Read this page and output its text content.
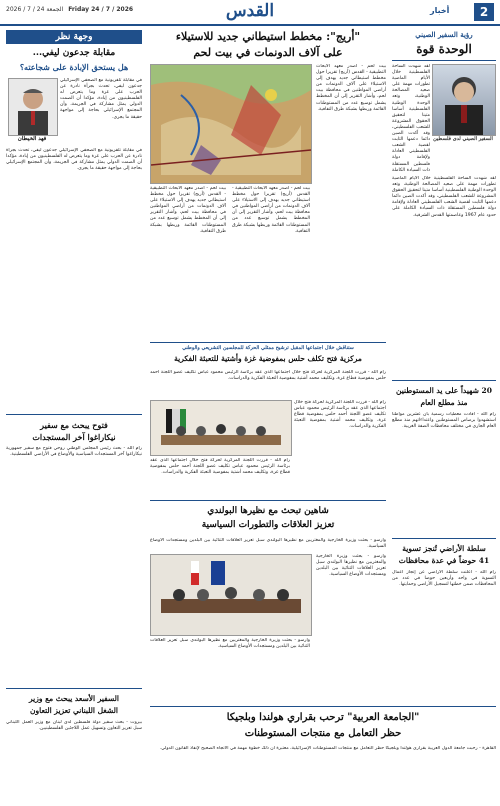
2
أخبار
القدس
الجمعة 24 / 7 / 2026 Friday 24 / 7 / 2026
رؤية السفير الصيني
الوحدة قوة
لقد شهدت الساحة الفلسطينية خلال الأيام الماضية تطورات مهمة على صعيد المصالحة الوطنية، وتعد الوحدة الوطنية الفلسطينية أساسا متينا لتحقيق الحقوق المشروعة للشعب الفلسطيني، وقد أكدت الصين دائما دعمها الثابت لقضية الشعب الفلسطيني العادلة ولإقامة دولة فلسطين المستقلة ذات السيادة الكاملة
السفير الصيني لدى فلسطين
لقد شهدت الساحة الفلسطينية خلال الأيام الماضية تطورات مهمة على صعيد المصالحة الوطنية، وتعد الوحدة الوطنية الفلسطينية أساسا متينا لتحقيق الحقوق المشروعة للشعب الفلسطيني، وقد أكدت الصين دائما دعمها الثابت لقضية الشعب الفلسطيني العادلة ولإقامة دولة فلسطين المستقلة ذات السيادة الكاملة على حدود عام 1967 وعاصمتها القدس الشرقية.
"أريج": مخطط استيطاني جديد للاستيلاء
على آلاف الدونمات في بيت لحم
بيت لحم - أصدر معهد الأبحاث التطبيقية - القدس (أريج) تقريرا حول مخطط استيطاني جديد يهدف إلى الاستيلاء على آلاف الدونمات من أراضي المواطنين في محافظة بيت لحم، وأشار التقرير إلى أن المخطط يشمل توسيع عدد من المستوطنات القائمة وربطها بشبكة طرق التفافية.
بيت لحم - أصدر معهد الأبحاث التطبيقية - القدس (أريج) تقريرا حول مخطط استيطاني جديد يهدف إلى الاستيلاء على آلاف الدونمات من أراضي المواطنين في محافظة بيت لحم، وأشار التقرير إلى أن المخطط يشمل توسيع عدد من المستوطنات القائمة وربطها بشبكة طرق التفافية.
بيت لحم - أصدر معهد الأبحاث التطبيقية - القدس (أريج) تقريرا حول مخطط استيطاني جديد يهدف إلى الاستيلاء على آلاف الدونمات من أراضي المواطنين في محافظة بيت لحم، وأشار التقرير إلى أن المخطط يشمل توسيع عدد من المستوطنات القائمة وربطها بشبكة طرق التفافية.
وجهة نظر
مقابلة جدعون ليفي...
هل يستحق الإبادة على شجاعته؟
فهد الخيطان
في مقابلة تلفزيونية مع الصحفي الإسرائيلي جدعون ليفي، تحدث بجرأة نادرة عن الحرب على غزة وما يتعرض له الفلسطينيون من إبادة، مؤكدا أن الصمت الدولي يمثل مشاركة في الجريمة، وأن المجتمع الإسرائيلي بحاجة إلى مواجهة حقيقة ما يجري.
في مقابلة تلفزيونية مع الصحفي الإسرائيلي جدعون ليفي، تحدث بجرأة نادرة عن الحرب على غزة وما يتعرض له الفلسطينيون من إبادة، مؤكدا أن الصمت الدولي يمثل مشاركة في الجريمة، وأن المجتمع الإسرائيلي بحاجة إلى مواجهة حقيقة ما يجري.
ستناقش خلال اجتماعها المقبل ترشيح ممثلي الحركة للمجلسين التشريعي والوطني
مركزية فتح تكلف حلس بمفوضية غزة وأشتية للتعبئة الفكرية
رام الله - قررت اللجنة المركزية لحركة فتح خلال اجتماعها الذي عقد برئاسة الرئيس محمود عباس تكليف عضو اللجنة أحمد حلس بمفوضية قطاع غزة، وتكليف محمد أشتية بمفوضية التعبئة الفكرية والدراسات.
رام الله - قررت اللجنة المركزية لحركة فتح خلال اجتماعها الذي عقد برئاسة الرئيس محمود عباس تكليف عضو اللجنة أحمد حلس بمفوضية قطاع غزة، وتكليف محمد أشتية بمفوضية التعبئة الفكرية والدراسات.
رام الله - قررت اللجنة المركزية لحركة فتح خلال اجتماعها الذي عقد برئاسة الرئيس محمود عباس تكليف عضو اللجنة أحمد حلس بمفوضية قطاع غزة، وتكليف محمد أشتية بمفوضية التعبئة الفكرية والدراسات.
20 شهيداً على يد المستوطنين
منذ مطلع العام
رام الله - أفادت معطيات رسمية بأن عشرين مواطنا استشهدوا برصاص المستوطنين واعتداءاتهم منذ مطلع العام الجاري في مختلف محافظات الضفة الغربية.
فتوح يبحث مع سفير
نيكاراغوا آخر المستجدات
رام الله - بحث رئيس المجلس الوطني روحي فتوح مع سفير جمهورية نيكاراغوا آخر المستجدات السياسية والأوضاع في الأراضي الفلسطينية.
شاهين تبحث مع نظيرها البولندي
تعزيز العلاقات والتطورات السياسية
وارسو - بحثت وزيرة الخارجية والمغتربين مع نظيرها البولندي سبل تعزيز العلاقات الثنائية بين البلدين ومستجدات الأوضاع السياسية.
وارسو - بحثت وزيرة الخارجية والمغتربين مع نظيرها البولندي سبل تعزيز العلاقات الثنائية بين البلدين ومستجدات الأوضاع السياسية.
وارسو - بحثت وزيرة الخارجية والمغتربين مع نظيرها البولندي سبل تعزيز العلاقات الثنائية بين البلدين ومستجدات الأوضاع السياسية.
سلطة الأراضي تُنجز تسوية
41 حوضاً في عدة محافظات
رام الله - أعلنت سلطة الأراضي عن إنجاز أعمال التسوية في واحد وأربعين حوضا في عدد من المحافظات ضمن خطتها لتسجيل الأراضي وحمايتها.
السفير الأسعد يبحث مع وزير
الشغل اللبناني تعزيز التعاون
بيروت - بحث سفير دولة فلسطين لدى لبنان مع وزير العمل اللبناني سبل تعزيز التعاون وتسهيل عمل اللاجئين الفلسطينيين.
"الجامعة العربية" ترحب بقراري هولندا وبلجيكا
حظر التعامل مع منتجات المستوطنات
القاهرة - رحبت جامعة الدول العربية بقراري هولندا وبلجيكا حظر التعامل مع منتجات المستوطنات الإسرائيلية، معتبرة أن ذلك خطوة مهمة في الاتجاه الصحيح لإنفاذ القانون الدولي.
